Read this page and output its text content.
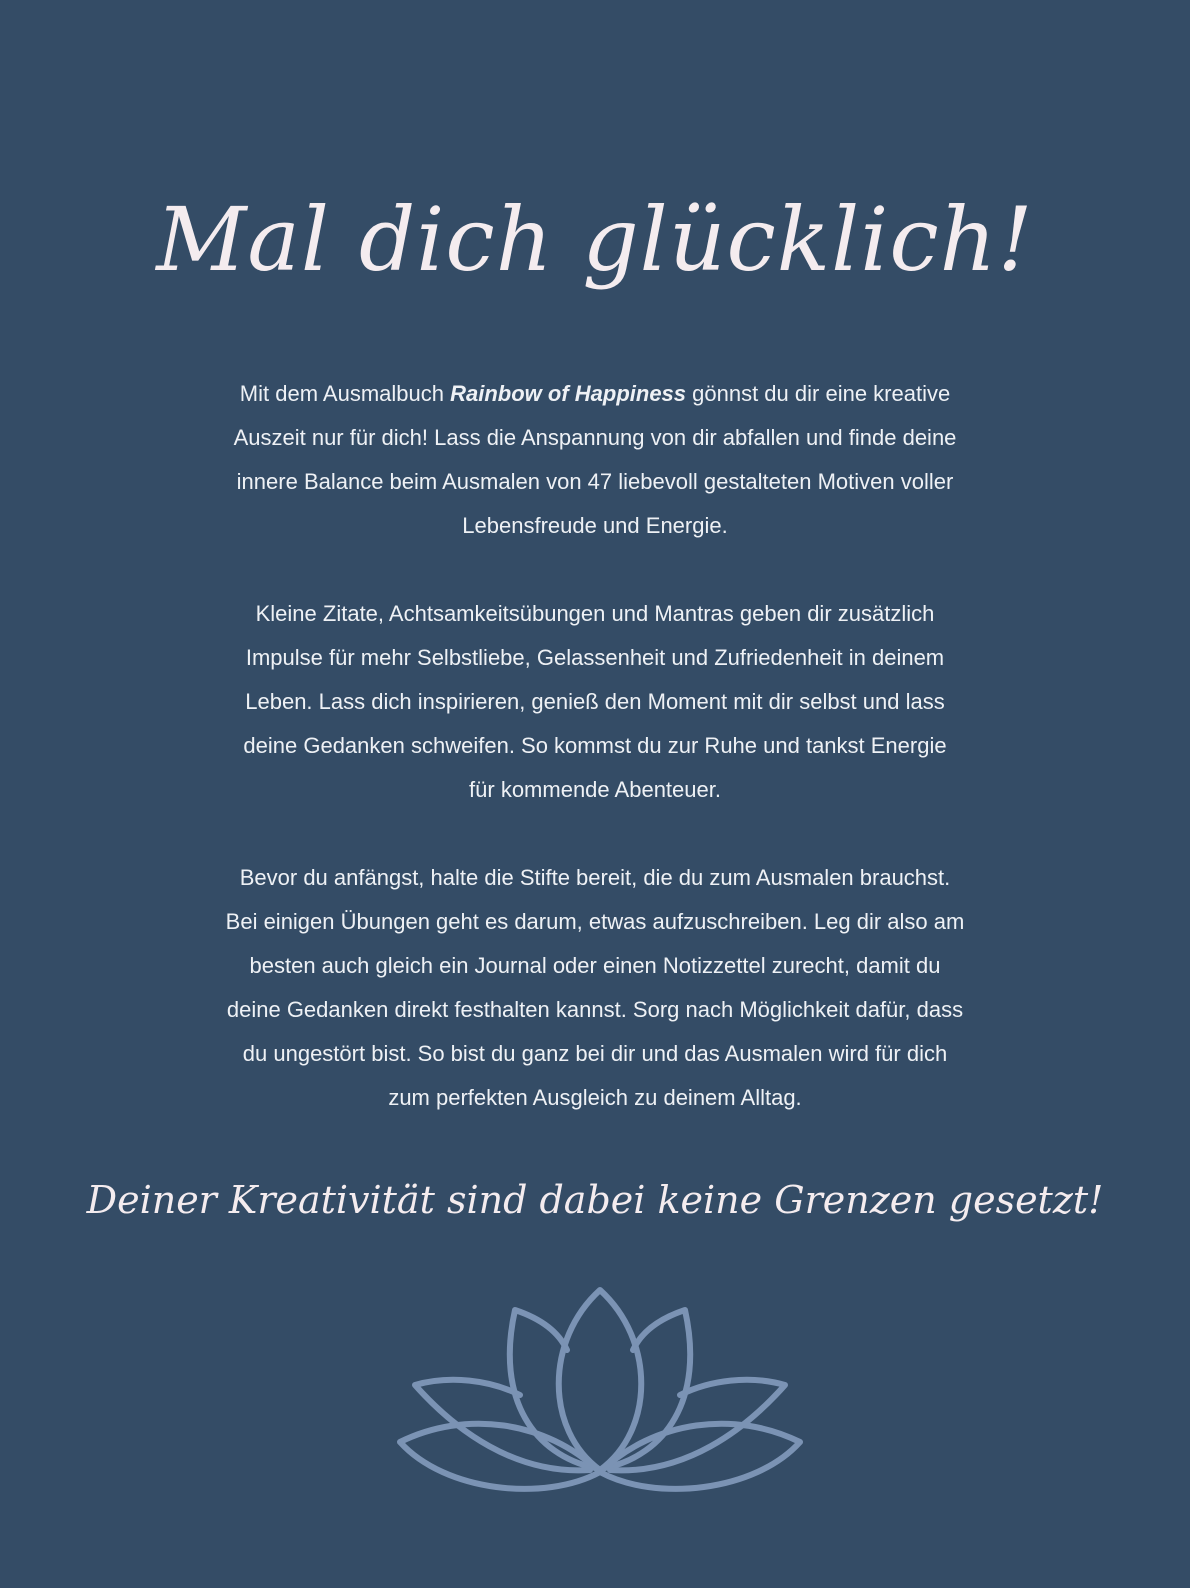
Mal dich glücklich!
Mit dem Ausmalbuch Rainbow of Happiness gönnst du dir eine kreative
Auszeit nur für dich! Lass die Anspannung von dir abfallen und finde deine
innere Balance beim Ausmalen von 47 liebevoll gestalteten Motiven voller
Lebensfreude und Energie.
Kleine Zitate, Achtsamkeitsübungen und Mantras geben dir zusätzlich
Impulse für mehr Selbstliebe, Gelassenheit und Zufriedenheit in deinem
Leben. Lass dich inspirieren, genieß den Moment mit dir selbst und lass
deine Gedanken schweifen. So kommst du zur Ruhe und tankst Energie
für kommende Abenteuer.
Bevor du anfängst, halte die Stifte bereit, die du zum Ausmalen brauchst.
Bei einigen Übungen geht es darum, etwas aufzuschreiben. Leg dir also am
besten auch gleich ein Journal oder einen Notizzettel zurecht, damit du
deine Gedanken direkt festhalten kannst. Sorg nach Möglichkeit dafür, dass
du ungestört bist. So bist du ganz bei dir und das Ausmalen wird für dich
zum perfekten Ausgleich zu deinem Alltag.
Deiner Kreativität sind dabei keine Grenzen gesetzt!
